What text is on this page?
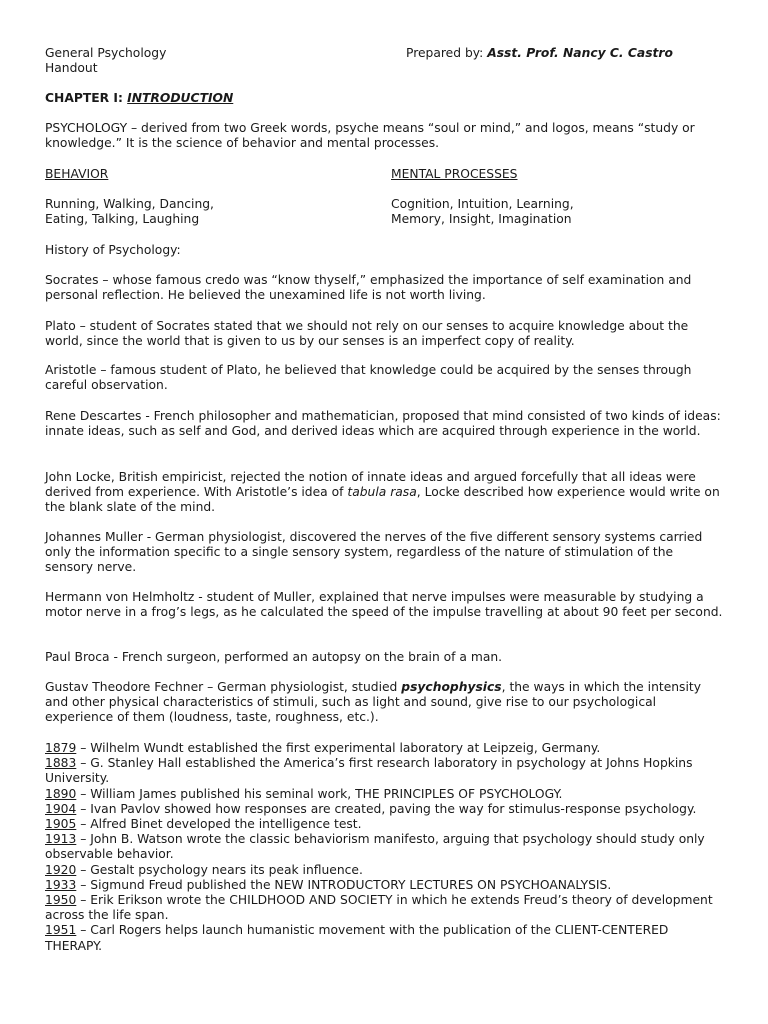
General Psychology
Handout
Prepared by: Asst. Prof. Nancy C. Castro
CHAPTER I: INTRODUCTION
PSYCHOLOGY – derived from two Greek words, psyche means “soul or mind,” and logos, means “study or knowledge.” It is the science of behavior and mental processes.
BEHAVIOR	MENTAL PROCESSES
Running, Walking, Dancing,
Eating, Talking, Laughing
Cognition, Intuition, Learning,
Memory, Insight, Imagination
History of Psychology:
Socrates – whose famous credo was “know thyself,” emphasized the importance of self examination and personal reflection. He believed the unexamined life is not worth living.
Plato – student of Socrates stated that we should not rely on our senses to acquire knowledge about the world, since the world that is given to us by our senses is an imperfect copy of reality.
Aristotle – famous student of Plato, he believed that knowledge could be acquired by the senses through careful observation.
Rene Descartes - French philosopher and mathematician, proposed that mind consisted of two kinds of ideas: innate ideas, such as self and God, and derived ideas which are acquired through experience in the world.
John Locke, British empiricist, rejected the notion of innate ideas and argued forcefully that all ideas were derived from experience. With Aristotle’s idea of tabula rasa, Locke described how experience would write on the blank slate of the mind.
Johannes Muller - German physiologist, discovered the nerves of the five different sensory systems carried only the information specific to a single sensory system, regardless of the nature of stimulation of the sensory nerve.
Hermann von Helmholtz - student of Muller, explained that nerve impulses were measurable by studying a motor nerve in a frog’s legs, as he calculated the speed of the impulse travelling at about 90 feet per second.
Paul Broca - French surgeon, performed an autopsy on the brain of a man.
Gustav Theodore Fechner – German physiologist, studied psychophysics, the ways in which the intensity and other physical characteristics of stimuli, such as light and sound, give rise to our psychological experience of them (loudness, taste, roughness, etc.).

1879 – Wilhelm Wundt established the first experimental laboratory at Leipzeig, Germany.

1883 – G. Stanley Hall established the America’s first research laboratory in psychology at Johns Hopkins University.

1890 – William James published his seminal work, THE PRINCIPLES OF PSYCHOLOGY.

1904 – Ivan Pavlov showed how responses are created, paving the way for stimulus-response psychology.

1905 – Alfred Binet developed the intelligence test.

1913 – John B. Watson wrote the classic behaviorism manifesto, arguing that psychology should study only observable behavior.

1920 – Gestalt psychology nears its peak influence.

1933 – Sigmund Freud published the NEW INTRODUCTORY LECTURES ON PSYCHOANALYSIS.

1950 – Erik Erikson wrote the CHILDHOOD AND SOCIETY in which he extends Freud’s theory of development across the life span.

1951 – Carl Rogers helps launch humanistic movement with the publication of the CLIENT-CENTERED THERAPY.
